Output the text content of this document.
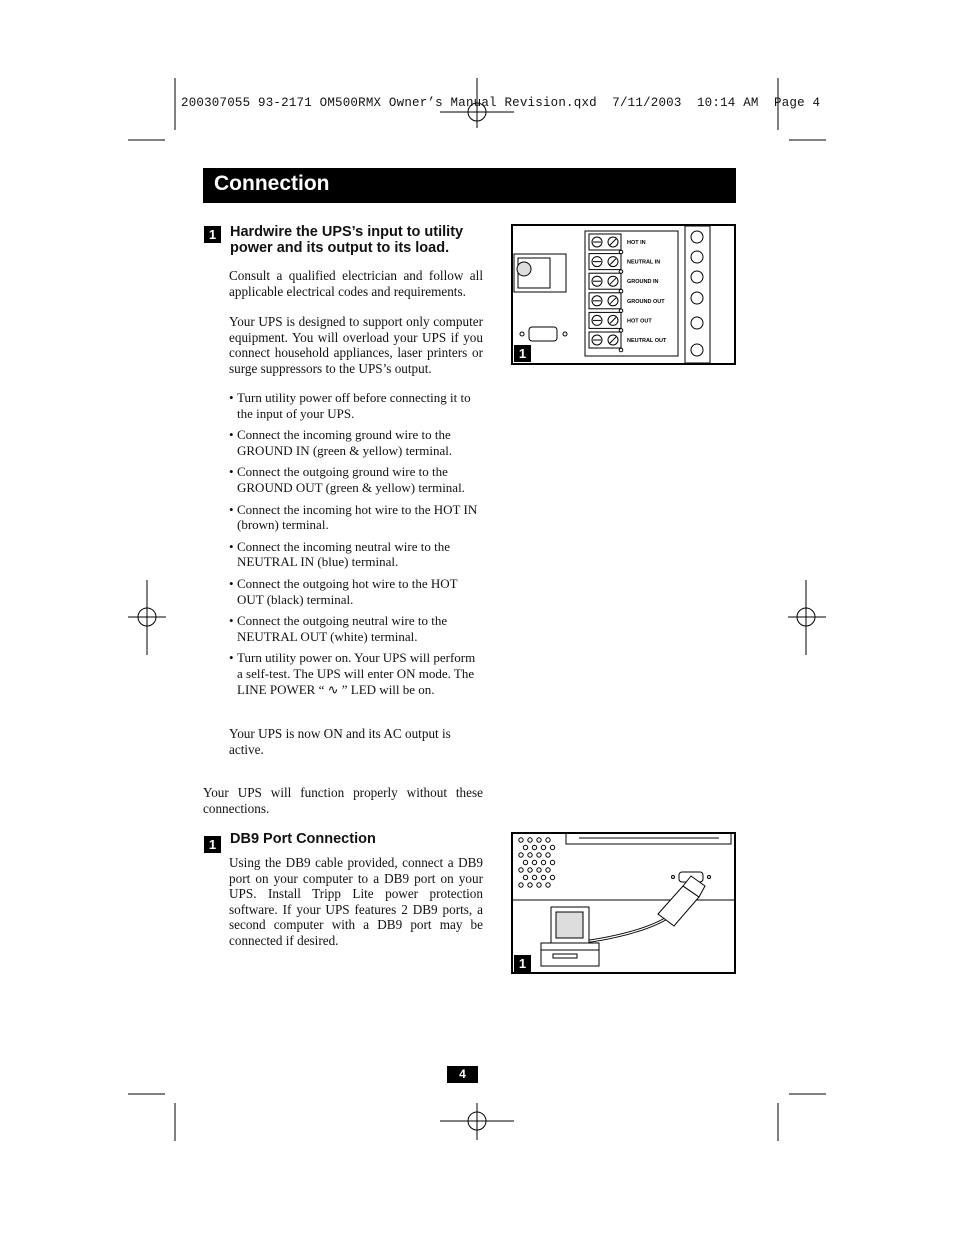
200307055 93-2171 OM500RMX Owner’s Manual Revision.qxd  7/11/2003  10:14 AM  Page 4
Connection
1 Hardwire the UPS’s input to utility power and its output to its load.
Consult a qualified electrician and follow all applicable electrical codes and requirements.
Your UPS is designed to support only computer equipment. You will overload your UPS if you connect household appliances, laser printers or surge suppressors to the UPS’s output.
• Turn utility power off before connecting it to the input of your UPS.
• Connect the incoming ground wire to the GROUND IN (green & yellow) terminal.
• Connect the outgoing ground wire to the GROUND OUT (green & yellow) terminal.
• Connect the incoming hot wire to the HOT IN (brown) terminal.
• Connect the incoming neutral wire to the NEUTRAL IN (blue) terminal.
• Connect the outgoing hot wire to the HOT OUT (black) terminal.
• Connect the outgoing neutral wire to the NEUTRAL OUT (white) terminal.
• Turn utility power on. Your UPS will perform a self-test. The UPS will enter ON mode. The LINE POWER “ ∿ ” LED will be on.
Your UPS is now ON and its AC output is active.
HOT IN
NEUTRAL IN
GROUND IN
GROUND OUT
HOT OUT
NEUTRAL OUT
1
Your UPS will function properly without these connections.
1 DB9 Port Connection
Using the DB9 cable provided, connect a DB9 port on your computer to a DB9 port on your UPS. Install Tripp Lite power protection software. If your UPS features 2 DB9 ports, a second computer with a DB9 port may be connected if desired.
1
4
